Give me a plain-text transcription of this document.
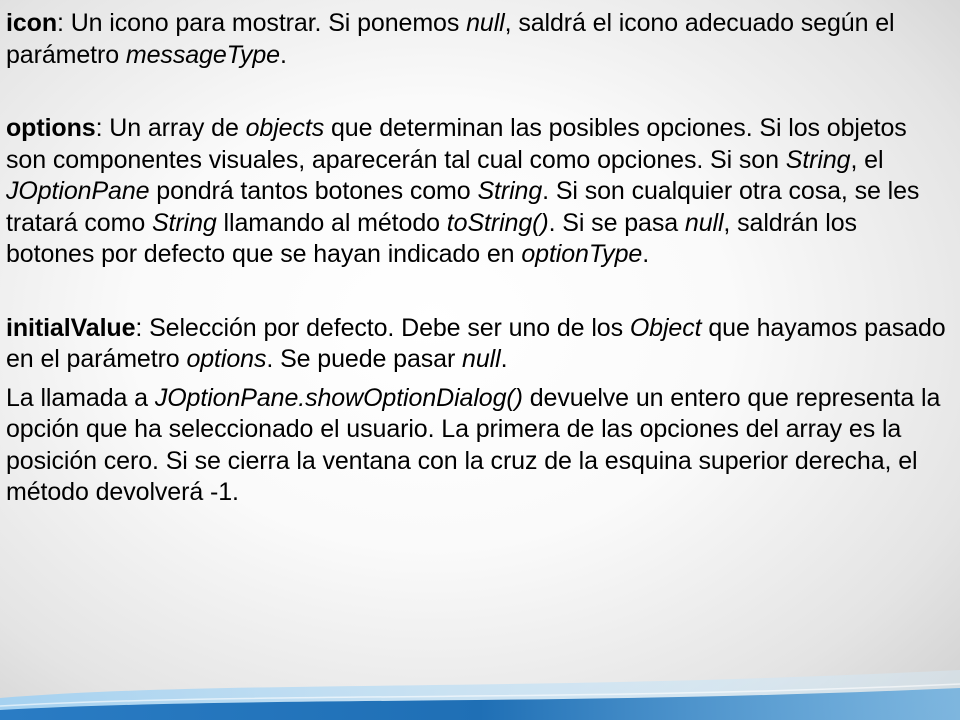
icon: Un icono para mostrar. Si ponemos null, saldrá el icono adecuado según el parámetro messageType.

options: Un array de objects que determinan las posibles opciones. Si los objetos son componentes visuales, aparecerán tal cual como opciones. Si son String, el JOptionPane pondrá tantos botones como String. Si son cualquier otra cosa, se les tratará como String llamando al método toString(). Si se pasa null, saldrán los botones por defecto que se hayan indicado en optionType.

initialValue: Selección por defecto. Debe ser uno de los Object que hayamos pasado en el parámetro options. Se puede pasar null.

La llamada a JOptionPane.showOptionDialog() devuelve un entero que representa la opción que ha seleccionado el usuario. La primera de las opciones del array es la posición cero. Si se cierra la ventana con la cruz de la esquina superior derecha, el método devolverá -1.
